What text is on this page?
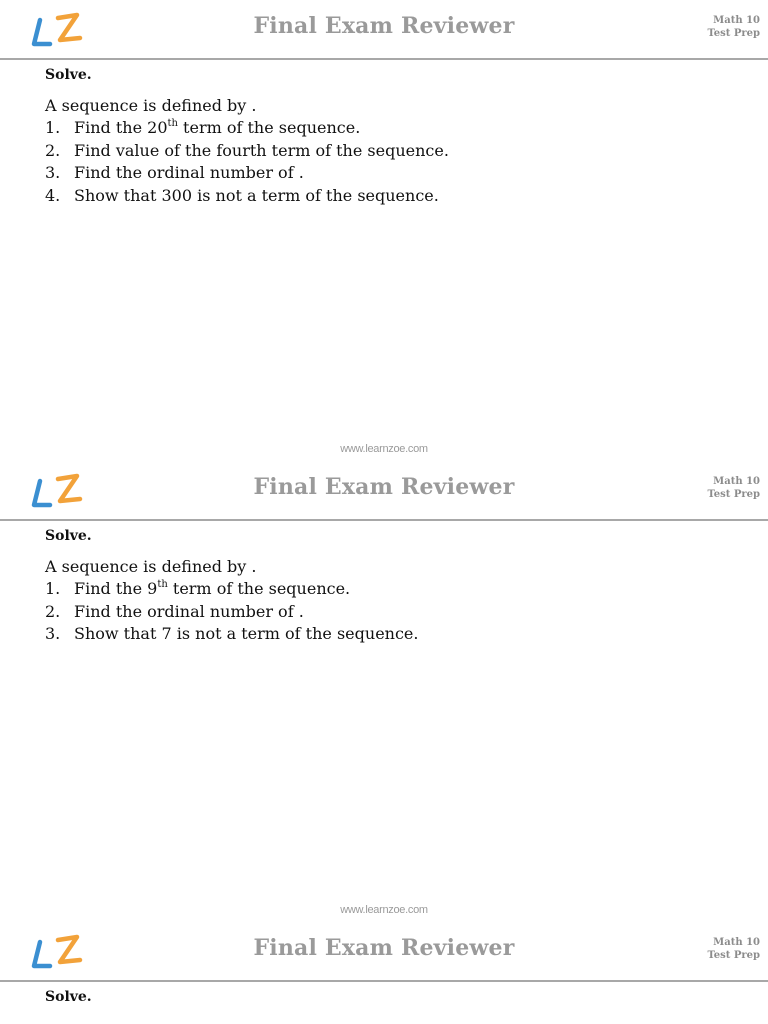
Final Exam Reviewer	Math 10
Test Prep

Solve.

A sequence is defined by .

1. Find the 20th term of the sequence.
2. Find value of the fourth term of the sequence.
3. Find the ordinal number of .
4. Show that 300 is not a term of the sequence.
www.learnzoe.com
Final Exam Reviewer	Math 10
Test Prep

Solve.

A sequence is defined by .

1. Find the 9th term of the sequence.
2. Find the ordinal number of .
3. Show that 7 is not a term of the sequence.
www.learnzoe.com
Final Exam Reviewer	Math 10
Test Prep

Solve.
